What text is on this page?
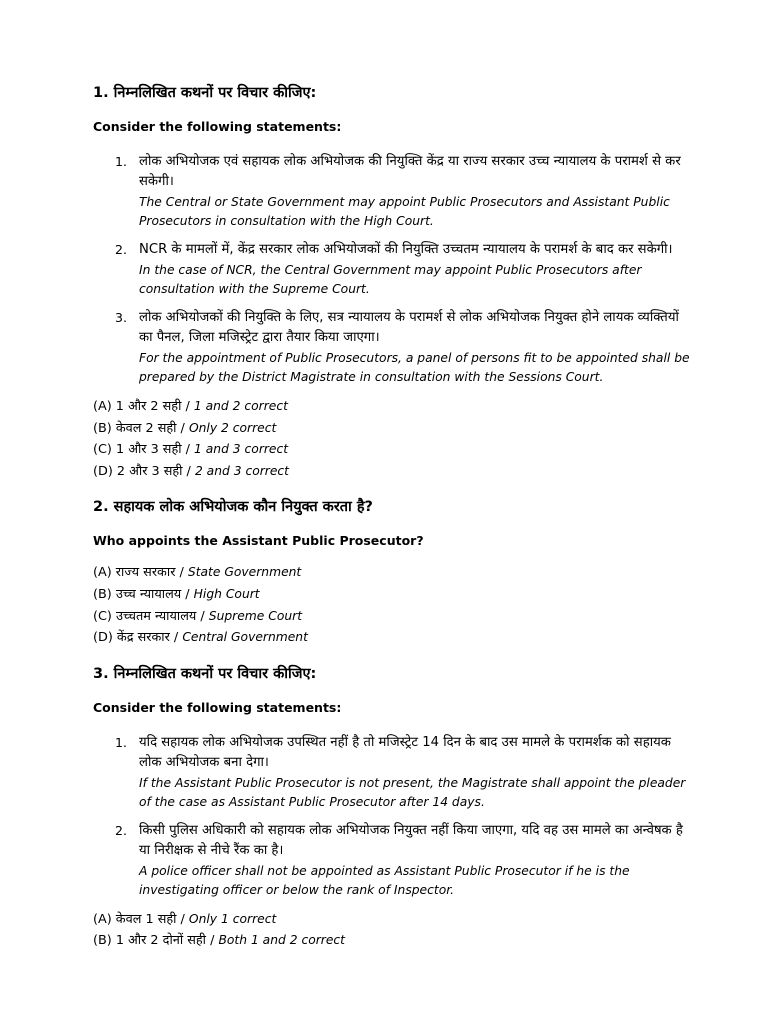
1. निम्नलिखित कथनों पर विचार कीजिए:

Consider the following statements:

1. लोक अभियोजक एवं सहायक लोक अभियोजक की नियुक्ति केंद्र या राज्य सरकार उच्च न्यायालय के परामर्श से कर सकेगी।

The Central or State Government may appoint Public Prosecutors and Assistant Public Prosecutors in consultation with the High Court.

2. NCR के मामलों में, केंद्र सरकार लोक अभियोजकों की नियुक्ति उच्चतम न्यायालय के परामर्श के बाद कर सकेगी।

In the case of NCR, the Central Government may appoint Public Prosecutors after consultation with the Supreme Court.

3. लोक अभियोजकों की नियुक्ति के लिए, सत्र न्यायालय के परामर्श से लोक अभियोजक नियुक्त होने लायक व्यक्तियों का पैनल, जिला मजिस्ट्रेट द्वारा तैयार किया जाएगा।

For the appointment of Public Prosecutors, a panel of persons fit to be appointed shall be prepared by the District Magistrate in consultation with the Sessions Court.

(A) 1 और 2 सही / 1 and 2 correct
(B) केवल 2 सही / Only 2 correct
(C) 1 और 3 सही / 1 and 3 correct
(D) 2 और 3 सही / 2 and 3 correct

2. सहायक लोक अभियोजक कौन नियुक्त करता है?

Who appoints the Assistant Public Prosecutor?

(A) राज्य सरकार / State Government
(B) उच्च न्यायालय / High Court
(C) उच्चतम न्यायालय / Supreme Court
(D) केंद्र सरकार / Central Government

3. निम्नलिखित कथनों पर विचार कीजिए:

Consider the following statements:

1. यदि सहायक लोक अभियोजक उपस्थित नहीं है तो मजिस्ट्रेट 14 दिन के बाद उस मामले के परामर्शक को सहायक लोक अभियोजक बना देगा।

If the Assistant Public Prosecutor is not present, the Magistrate shall appoint the pleader of the case as Assistant Public Prosecutor after 14 days.

2. किसी पुलिस अधिकारी को सहायक लोक अभियोजक नियुक्त नहीं किया जाएगा, यदि वह उस मामले का अन्वेषक है या निरीक्षक से नीचे रैंक का है।

A police officer shall not be appointed as Assistant Public Prosecutor if he is the investigating officer or below the rank of Inspector.

(A) केवल 1 सही / Only 1 correct
(B) 1 और 2 दोनों सही / Both 1 and 2 correct
